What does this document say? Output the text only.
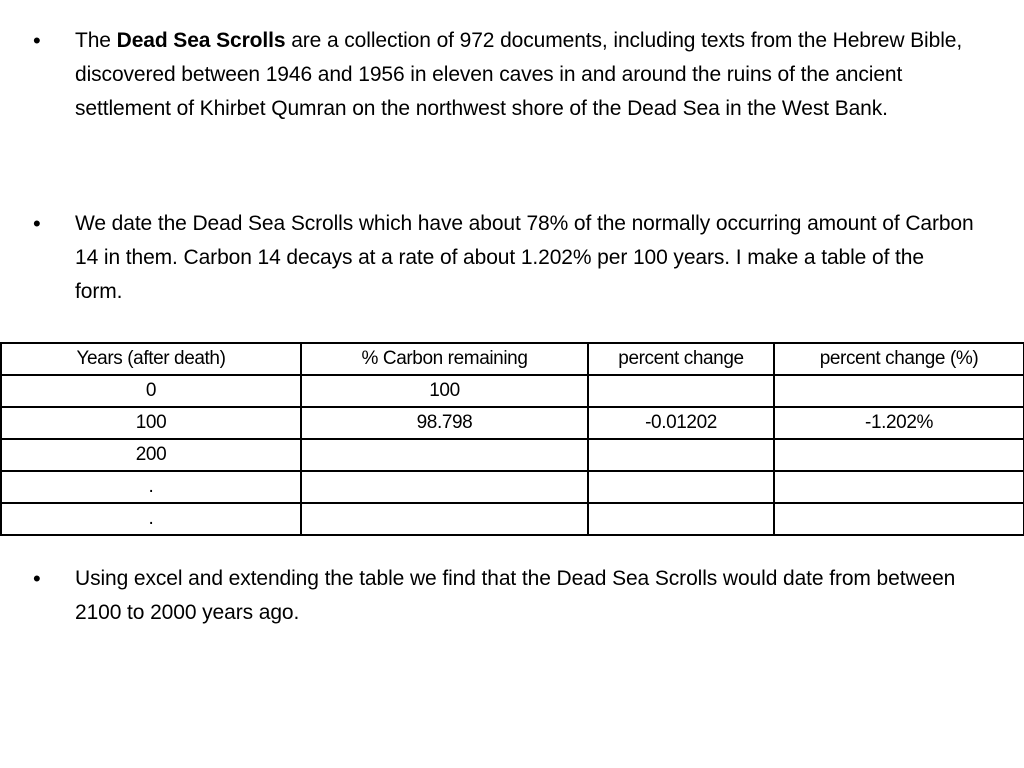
• The Dead Sea Scrolls are a collection of 972 documents, including texts from the Hebrew Bible, discovered between 1946 and 1956 in eleven caves in and around the ruins of the ancient settlement of Khirbet Qumran on the northwest shore of the Dead Sea in the West Bank.
• We date the Dead Sea Scrolls which have about 78% of the normally occurring amount of Carbon 14 in them. Carbon 14 decays at a rate of about 1.202% per 100 years. I make a table of the form.
Years (after death)	% Carbon remaining	percent change	percent change (%)
0	100		
100	98.798	-0.01202	-1.202%
200			
.			
.			
• Using excel and extending the table we find that the Dead Sea Scrolls would date from between 2100 to 2000 years ago.
